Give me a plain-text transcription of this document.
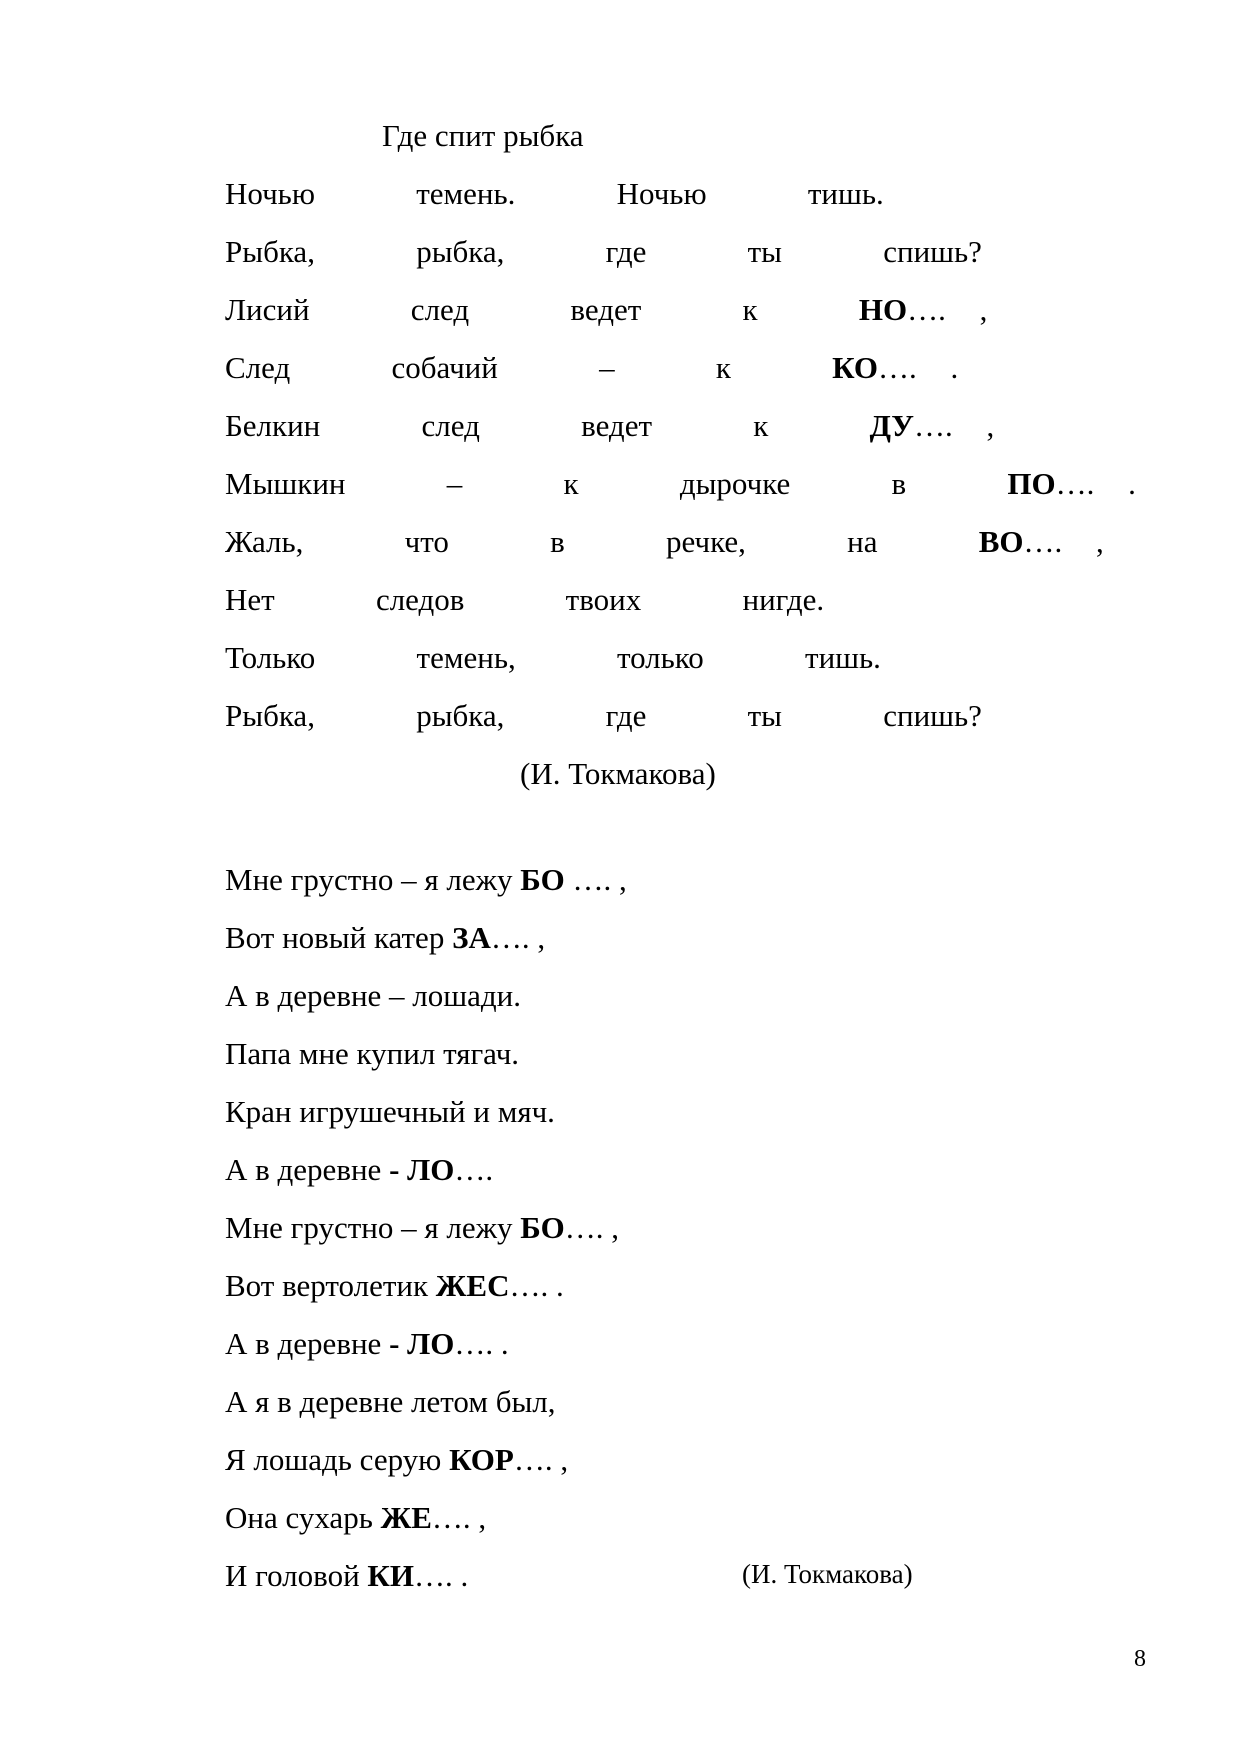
Где спит рыбка
Ночью   темень.   Ночью   тишь.
Рыбка,   рыбка,   где   ты   спишь?
Лисий   след   ведет   к   НО…. ,
След   собачий   –   к   КО…. .
Белкин   след   ведет   к   ДУ…. ,
Мышкин   –   к   дырочке   в   ПО…. .
Жаль,   что   в   речке,   на   ВО…. ,
Нет   следов   твоих   нигде.
Только   темень,   только   тишь.
Рыбка,   рыбка,   где   ты   спишь?
(И. Токмакова)
Мне грустно – я лежу БО …. ,
Вот новый катер ЗА…. ,
А в деревне – лошади.
Папа мне купил тягач.
Кран игрушечный и мяч.
А в деревне - ЛО….
Мне грустно – я лежу БО…. ,
Вот вертолетик ЖЕС…. .
А в деревне - ЛО…. .
А я в деревне летом был,
Я лошадь серую КОР…. ,
Она сухарь ЖЕ…. ,
И головой КИ…. .	(И. Токмакова)
8
